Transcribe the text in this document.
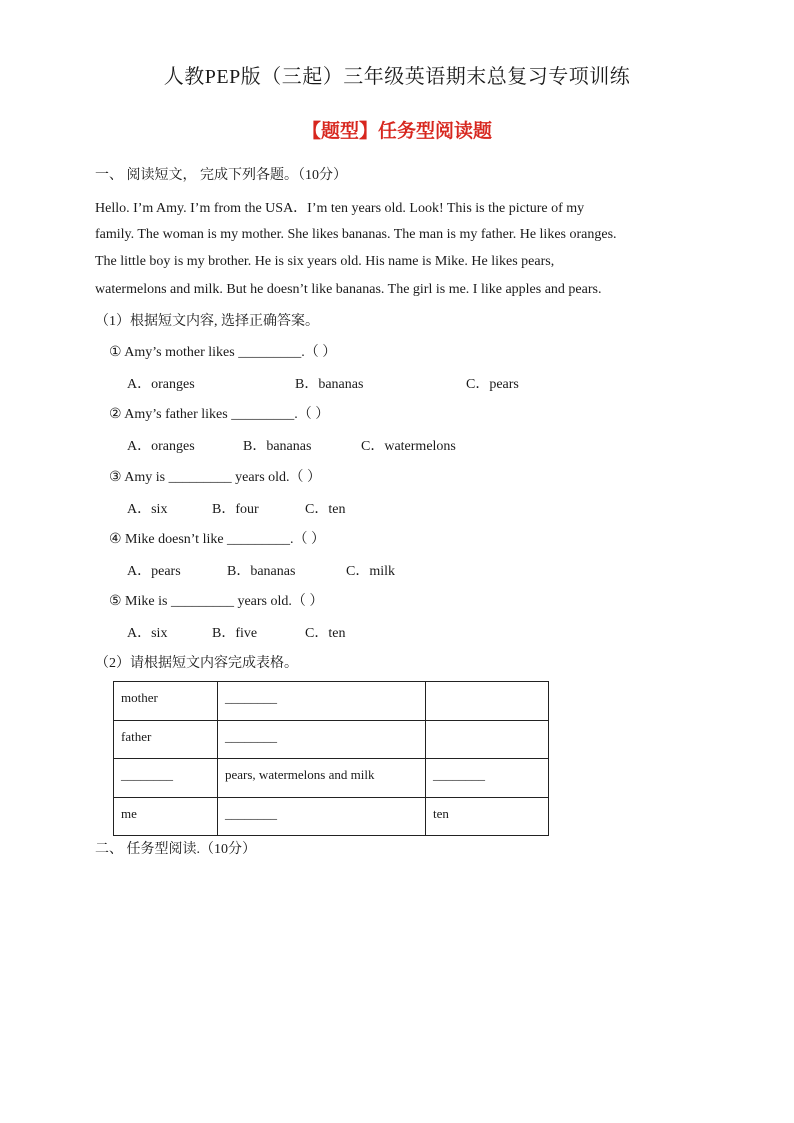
人教PEP版（三起）三年级英语期末总复习专项训练
【题型】任务型阅读题
一、 阅读短文， 完成下列各题。（10分）
Hello. I’m Amy. I’m from the USA．I’m ten years old. Look! This is the picture of my
family. The woman is my mother. She likes bananas. The man is my father. He likes oranges.
The little boy is my brother. He is six years old. His name is Mike. He likes pears,
watermelons and milk. But he doesn’t like bananas. The girl is me. I like apples and pears.
（1）根据短文内容, 选择正确答案。
① Amy’s mother likes _________.（ ）
A．oranges	B．bananas	C．pears
② Amy’s father likes _________.（ ）
A．oranges	B．bananas	C．watermelons
③ Amy is _________ years old.（ ）
A．six	B．four	C．ten
④ Mike doesn’t like _________.（ ）
A．pears	B．bananas	C．milk
⑤ Mike is _________ years old.（ ）
A．six	B．five	C．ten
（2）请根据短文内容完成表格。
mother	________	
father	________	
________	pears, watermelons and milk	________
me	________	ten
二、 任务型阅读.（10分）
